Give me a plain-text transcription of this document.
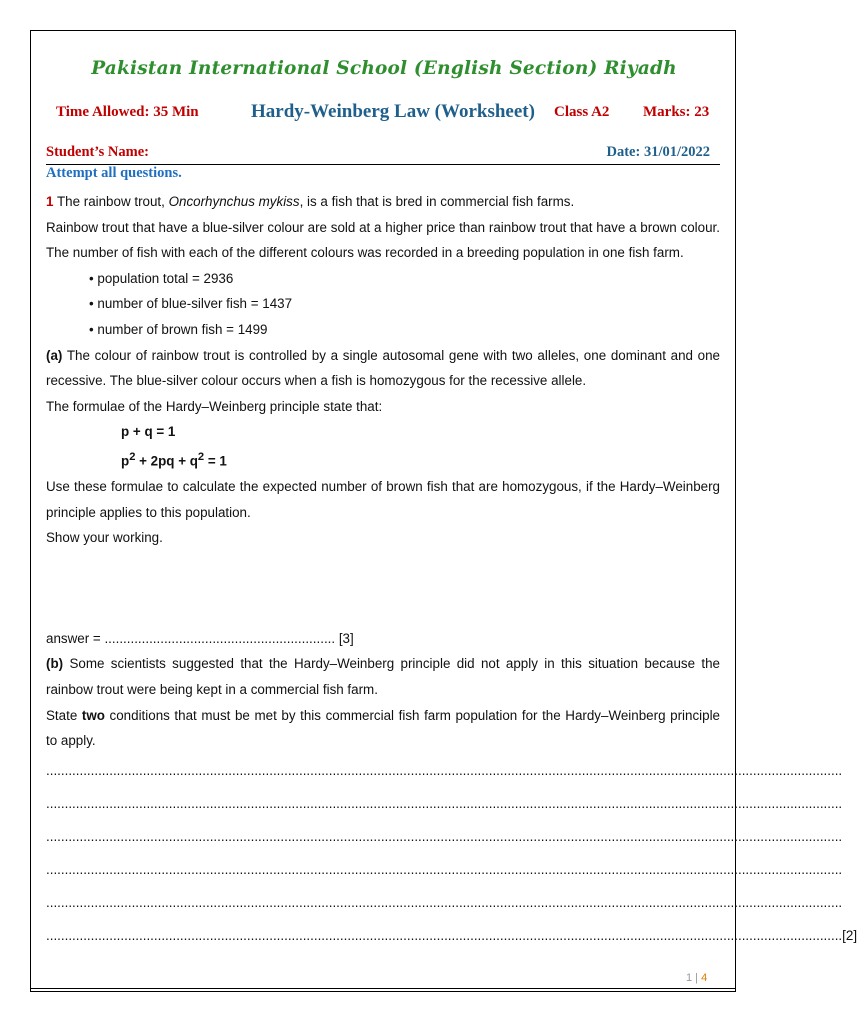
Pakistan International School (English Section) Riyadh
Time Allowed: 35 Min	Hardy-Weinberg Law (Worksheet) Class A2 Marks: 23
Student’s Name:	Date: 31/01/2022
Attempt all questions.

1 The rainbow trout, Oncorhynchus mykiss, is a fish that is bred in commercial fish farms.

Rainbow trout that have a blue-silver colour are sold at a higher price than rainbow trout that have a brown colour. The number of fish with each of the different colours was recorded in a breeding population in one fish farm.

• population total = 2936
• number of blue-silver fish = 1437
• number of brown fish = 1499

(a) The colour of rainbow trout is controlled by a single autosomal gene with two alleles, one dominant and one recessive. The blue-silver colour occurs when a fish is homozygous for the recessive allele.

The formulae of the Hardy–Weinberg principle state that:

p + q = 1

$p^2 + 2pq + q^2 = 1$

Use these formulae to calculate the expected number of brown fish that are homozygous, if the Hardy–Weinberg principle applies to this population.

Show your working.

answer = .............................................................. [3]

(b) Some scientists suggested that the Hardy–Weinberg principle did not apply in this situation because the rainbow trout were being kept in a commercial fish farm.

State two conditions that must be met by this commercial fish farm population for the Hardy–Weinberg principle to apply.

......................................................................................................................................................................................................................
......................................................................................................................................................................................................................
......................................................................................................................................................................................................................
......................................................................................................................................................................................................................
......................................................................................................................................................................................................................
...................................................................................................................................................................................................................... [2]
1 | 4
